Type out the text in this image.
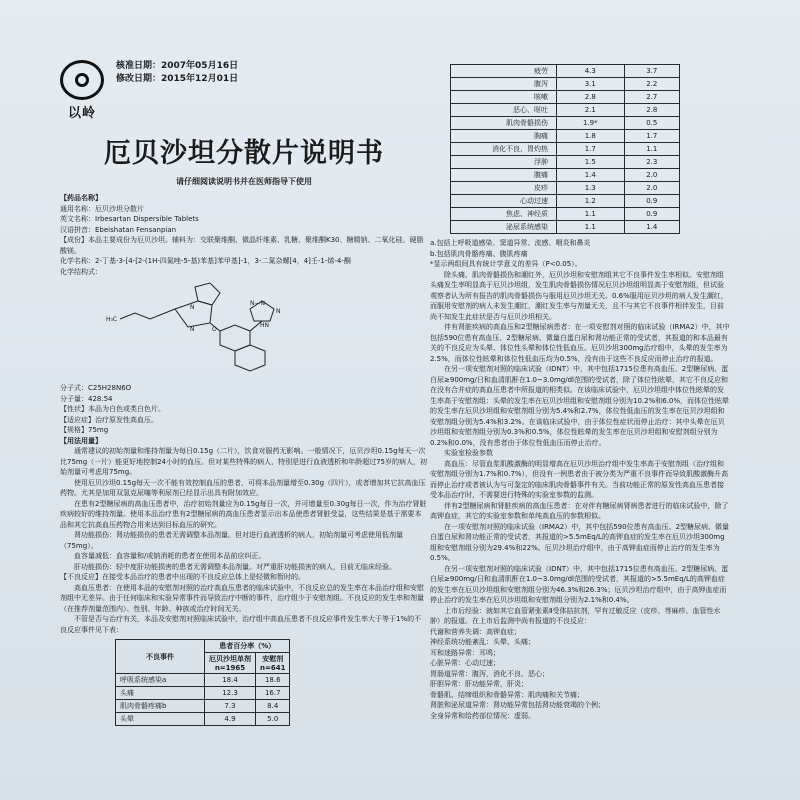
以岭
核准日期：2007年05月16日
修改日期：2015年12月01日
厄贝沙坦分散片说明书
请仔细阅读说明书并在医师指导下使用

【药品名称】

通用名称：厄贝沙坦分散片

英文名称：Irbesartan Dispersible Tablets

汉语拼音：Ebeishatan Fensanpian

【成份】本品主要成份为厄贝沙坦。辅料为：交联聚维酮、微晶纤维素、乳糖、聚维酮K30、糖精钠、二氧化硅、硬脂酸镁。

化学名称：2-丁基-3-[4-[2-(1H-四氮唑-5-基)苯基]苯甲基]-1，3-二氮杂螺[4，4]壬-1-烯-4-酮

化学结构式：

H₃C
N
N	O
N—N
N
HN

分子式：C25H28N6O

分子量：428.54

【性状】本品为白色或类白色片。

【适应症】治疗原发性高血压。

【规格】75mg

【用法用量】

通常建议的初始剂量和维持剂量为每日0.15g（二片），饮食对服药无影响。一般情况下，厄贝沙坦0.15g每天一次比75mg（一片）能更好地控制24小时的血压。但对某些特殊的病人，特别是进行血液透析和年龄超过75岁的病人，初始剂量可考虑用75mg。

使用厄贝沙坦0.15g每天一次不能有效控制血压的患者，可将本品剂量增至0.30g（四片），或者增加其它抗高血压药物。尤其是加用双氢克尿噻等利尿剂已经显示出具有附加效应。

在患有2型糖尿病的高血压患者中，治疗初始剂量应为0.15g每日一次，并可增量至0.30g每日一次，作为治疗肾脏疾病较好的维持剂量。使用本品治疗患有2型糖尿病的高血压患者显示出本品使患者肾脏受益，这些结果是基于需要本品和其它抗高血压药物合用来达到目标血压的研究。

肾功能损伤：肾功能损伤的患者无需调整本品剂量。但对进行血液透析的病人，初始剂量可考虑使用低剂量（75mg）。

血容量减低：血容量和/或钠消耗的患者在使用本品前应纠正。

肝功能损伤：轻中度肝功能损害的患者无需调整本品剂量。对严重肝功能损害的病人，目前无临床经验。

【不良反应】在接受本品治疗的患者中出现的不良反应总体上是轻微和暂时的。

高血压患者：在使用本品的安慰剂对照的治疗高血压患者的临床试验中，不良反应总的发生率在本品治疗组和安慰剂组中无差异。由于任何临床和实验异常事件而导致治疗中断的事件，治疗组少于安慰剂组。不良反应的发生率和剂量（在推荐剂量范围内）、性别、年龄、种族或治疗时间无关。

不管是否与治疗有关，本品及安慰剂对照临床试验中，治疗组中高血压患者不良反应事件发生率大于等于1%的不良反应事件见下表：

不良事件	患者百分率（%）	
	厄贝沙坦单剂
n=1965	安慰剂
n=641
呼吸系统感染a	18.4	18.6
头痛	12.3	16.7
肌肉骨骼疼痛b	7.3	8.4
头晕	4.9	5.0
疲劳	4.3	3.7
腹泻	3.1	2.2
咳嗽	2.8	2.7
恶心、呕吐	2.1	2.8
肌肉骨骼损伤	1.9*	0.5
胸痛	1.8	1.7
消化不良、胃灼热	1.7	1.1
浮肿	1.5	2.3
腹痛	1.4	2.0
皮疹	1.3	2.0
心动过速	1.2	0.9
焦虑、神经质	1.1	0.9
泌尿系统感染	1.1	1.4

a.包括上呼吸道感染、窦道异常、流感、咽炎和鼻炎

b.包括肌肉骨骼疼痛、腹肌疼痛

*显示两组间具有统计学意义的差异（P<0.05）。

除头痛、肌肉骨骼损伤和潮红外，厄贝沙坦和安慰剂组其它不良事件发生率相似。安慰剂组头痛发生率明显高于厄贝沙坦组，发生肌肉骨骼损伤情况厄贝沙坦组明显高于安慰剂组，但试验观察者认为所有报告的肌肉骨骼损伤与服用厄贝沙坦无关。0.6%服用厄贝沙坦的病人发生潮红，而服用安慰剂的病人未发生潮红，潮红发生率与剂量无关，且不与其它不良事件相伴发生，目前尚不知发生此症状是否与厄贝沙坦相关。

伴有肾脏疾病的高血压和2型糖尿病患者：在一项安慰剂对照的临床试验（IRMA2）中，其中包括590位患有高血压、2型糖尿病、微量白蛋白尿和肾功能正常的受试者，其报道的和本品最有关的不良反应为头晕、体位性头晕和体位性低血压。厄贝沙坦300mg治疗组中，头晕的发生率为2.5%，而体位性眩晕和体位性低血压均为0.5%，没有由于这些不良反应而停止治疗的报道。

在另一项安慰剂对照的临床试验（IDNT）中，其中包括1715位患有高血压、2型糖尿病、蛋白尿≥900mg/日和血清肌酐在1.0~3.0mg/dl范围的受试者，除了体位性眩晕，其它不良反应和在没有合并症的高血压患者中所报道的相类似。在该临床试验中，厄贝沙坦组中体位性眩晕的发生率高于安慰剂组：头晕的发生率在厄贝沙坦组和安慰剂组分别为10.2%和6.0%，而体位性眩晕的发生率在厄贝沙坦组和安慰剂组分别为5.4%和2.7%，体位性低血压的发生率在厄贝沙坦组和安慰剂组分别为5.4%和3.2%。在该临床试验中，由于体位性症状而停止治疗：其中头晕在厄贝沙坦组和安慰剂组分别为0.3%和0.5%，体位性眩晕的发生率在厄贝沙坦组和安慰剂组分别为0.2%和0.0%，没有患者由于体位性低血压而停止治疗。

实验室检验参数

高血压：尽管血浆肌酸激酶的明显增高在厄贝沙坦治疗组中发生率高于安慰剂组（治疗组和安慰剂组分别为1.7%和0.7%），但没有一例患者由于被分类为严重不良事件而导致肌酸激酶升高而停止治疗或者被认为与可鉴定的临床肌肉骨骼事件有关。当前功能正常的原发性高血压患者接受本品治疗时，不需要进行特殊的实验室参数的监测。

伴有2型糖尿病和肾脏疾病的高血压患者：在对伴有糖尿病肾病患者进行的临床试验中，除了高钾血症，其它的实验室参数和单纯高血压的参数相似。

在一项安慰剂对照的临床试验（IRMA2）中，其中包括590位患有高血压、2型糖尿病、微量白蛋白尿和肾功能正常的受试者，其报道的>5.5mEq/L的高钾血症的发生率在厄贝沙坦300mg组和安慰剂组分别为29.4%和22%。厄贝沙坦治疗组中，由于高钾血症而停止治疗的发生率为0.5%。

在另一项安慰剂对照的临床试验（IDNT）中，其中包括1715位患有高血压、2型糖尿病、蛋白尿≥900mg/日和血清肌酐在1.0~3.0mg/dl范围的受试者，其报道的>5.5mEq/L的高钾血症的发生率在厄贝沙坦组和安慰剂组分别为46.3%和26.3%；厄贝沙坦治疗组中，由于高钾血症而停止治疗的发生率在厄贝沙坦组和安慰剂组分别为2.1%和0.4%。

上市后经验：就如其它血管紧张素Ⅱ受体拮抗剂，罕有过敏反应（皮疹、荨麻疹、血管性水肿）的报道。在上市后监测中尚有报道的不良反应：

代谢和营养失调：高钾血症；

神经系统功能紊乱：头晕、头痛；

耳和迷路异常：耳鸣；

心脏异常：心动过速；

胃肠道异常：腹泻，消化不良、恶心；

肝胆异常：肝功能异常，肝炎；

骨骼肌、结缔组织和骨骼异常：肌肉痛和关节痛；

肾脏和泌尿道异常：肾功能异常包括肾功能衰竭的个例；

全身异常和给药部位情况：虚弱。
